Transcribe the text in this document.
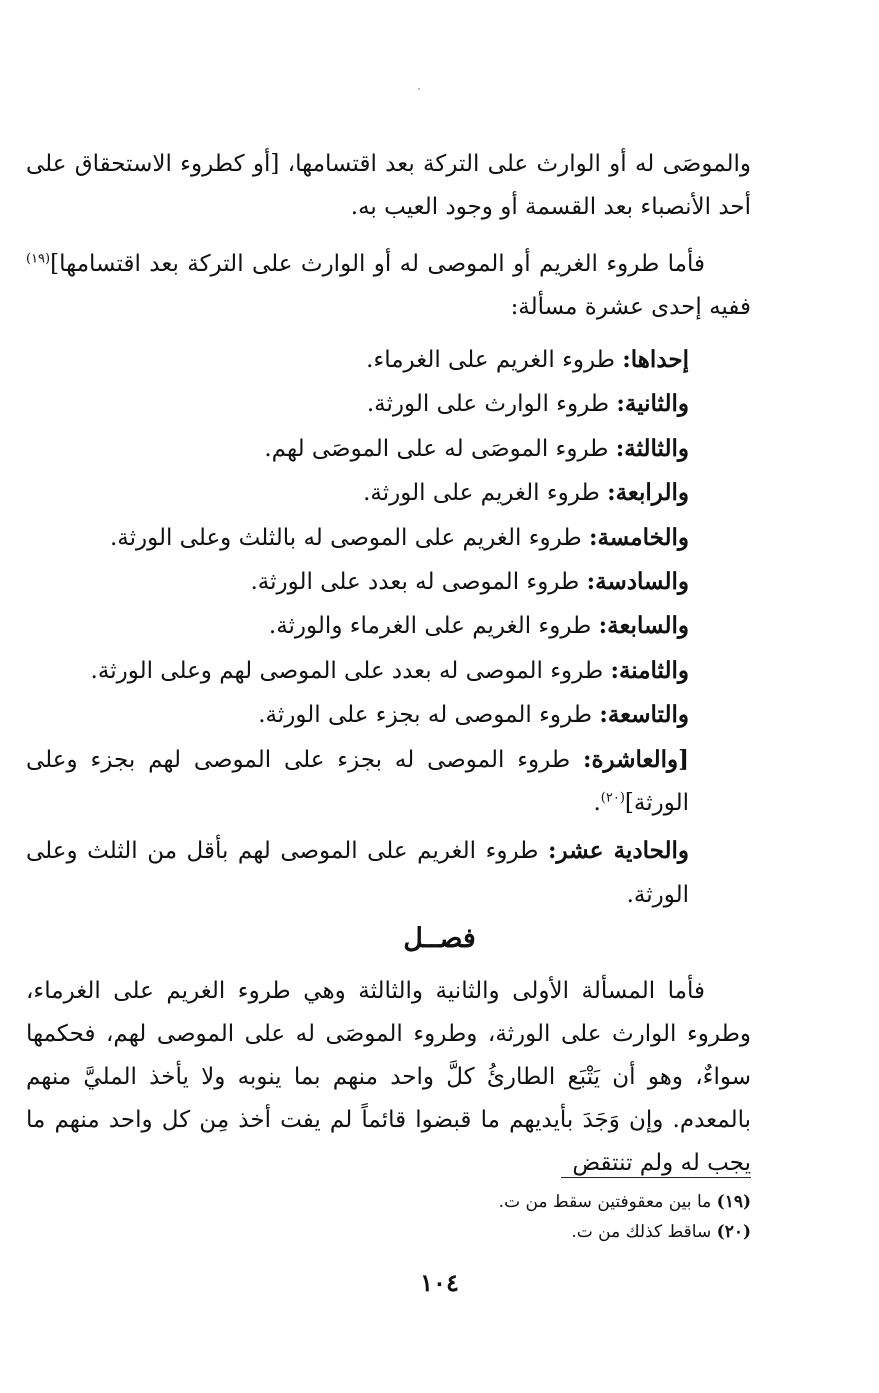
والموصَى له أو الوارث على التركة بعد اقتسامها، [أو كطروء الاستحقاق على أحد الأنصباء بعد القسمة أو وجود العيب به.

فأما طروء الغريم أو الموصى له أو الوارث على التركة بعد اقتسامها]$^{(١٩)}$ ففيه إحدى عشرة مسألة:

إحداها: طروء الغريم على الغرماء.
والثانية: طروء الوارث على الورثة.
والثالثة: طروء الموصَى له على الموصَى لهم.
والرابعة: طروء الغريم على الورثة.
والخامسة: طروء الغريم على الموصى له بالثلث وعلى الورثة.
والسادسة: طروء الموصى له بعدد على الورثة.
والسابعة: طروء الغريم على الغرماء والورثة.
والثامنة: طروء الموصى له بعدد على الموصى لهم وعلى الورثة.
والتاسعة: طروء الموصى له بجزء على الورثة.
[والعاشرة: طروء الموصى له بجزء على الموصى لهم بجزء وعلى الورثة]$^{(٢٠)}$.
والحادية عشر: طروء الغريم على الموصى لهم بأقل من الثلث وعلى الورثة.
فصــل

فأما المسألة الأولى والثانية والثالثة وهي طروء الغريم على الغرماء، وطروء الوارث على الورثة، وطروء الموصَى له على الموصى لهم، فحكمها سواءٌ، وهو أن يَتْبَع الطارئُ كلَّ واحد منهم بما ينوبه ولا يأخذ المليَّ منهم بالمعدم. وإن وَجَدَ بأيديهم ما قبضوا قائماً لم يفت أخذ مِن كل واحد منهم ما يجب له ولم تنتقض

(١٩) ما بين معقوفتين سقط من ت.
(٢٠) ساقط كذلك من ت.
١٠٤
